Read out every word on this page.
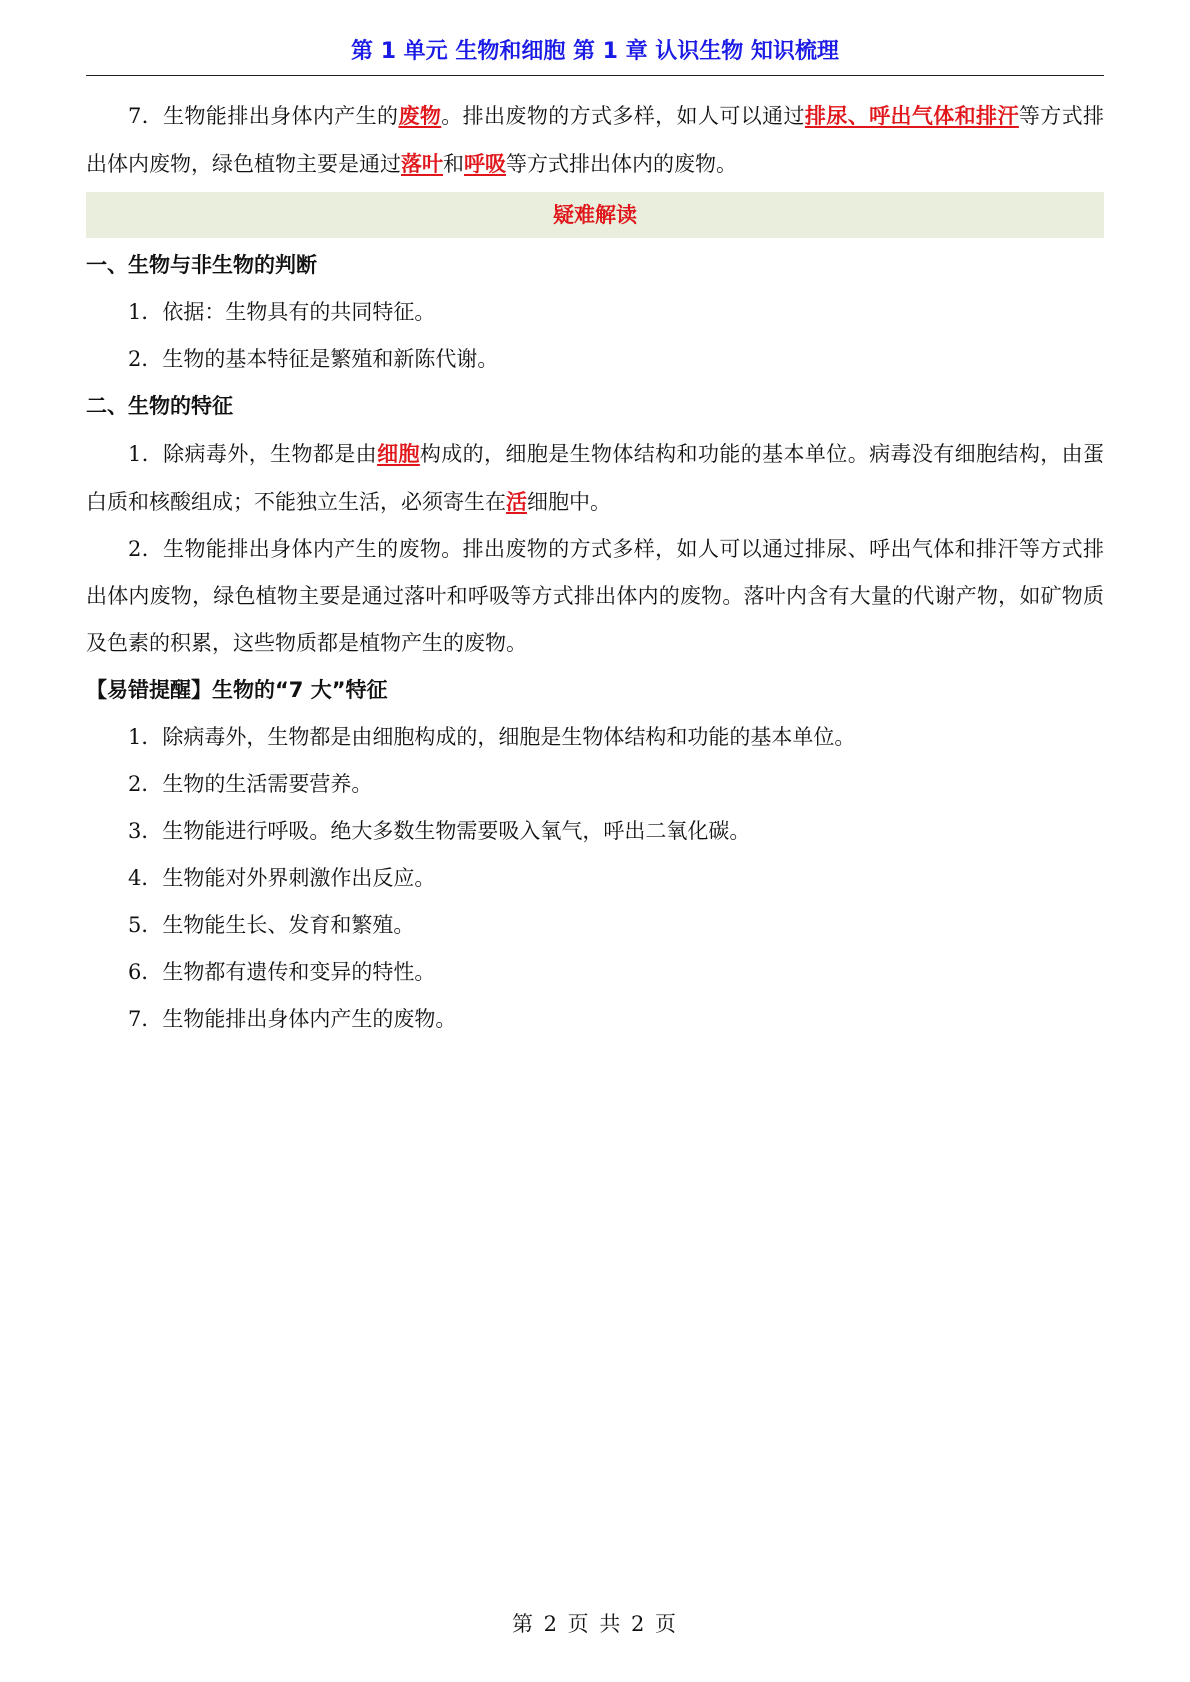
第 1 单元 生物和细胞 第 1 章 认识生物 知识梳理

7．生物能排出身体内产生的废物。排出废物的方式多样，如人可以通过排尿、呼出气体和排汗等方式排出体内废物，绿色植物主要是通过落叶和呼吸等方式排出体内的废物。

疑难解读
一、生物与非生物的判断

1．依据：生物具有的共同特征。

2．生物的基本特征是繁殖和新陈代谢。

二、生物的特征

1．除病毒外，生物都是由细胞构成的，细胞是生物体结构和功能的基本单位。病毒没有细胞结构，由蛋白质和核酸组成；不能独立生活，必须寄生在活细胞中。

2．生物能排出身体内产生的废物。排出废物的方式多样，如人可以通过排尿、呼出气体和排汗等方式排出体内废物，绿色植物主要是通过落叶和呼吸等方式排出体内的废物。落叶内含有大量的代谢产物，如矿物质及色素的积累，这些物质都是植物产生的废物。

【易错提醒】生物的“7 大”特征

1．除病毒外，生物都是由细胞构成的，细胞是生物体结构和功能的基本单位。

2．生物的生活需要营养。

3．生物能进行呼吸。绝大多数生物需要吸入氧气，呼出二氧化碳。

4．生物能对外界刺激作出反应。

5．生物能生长、发育和繁殖。

6．生物都有遗传和变异的特性。

7．生物能排出身体内产生的废物。

第 2 页 共 2 页
